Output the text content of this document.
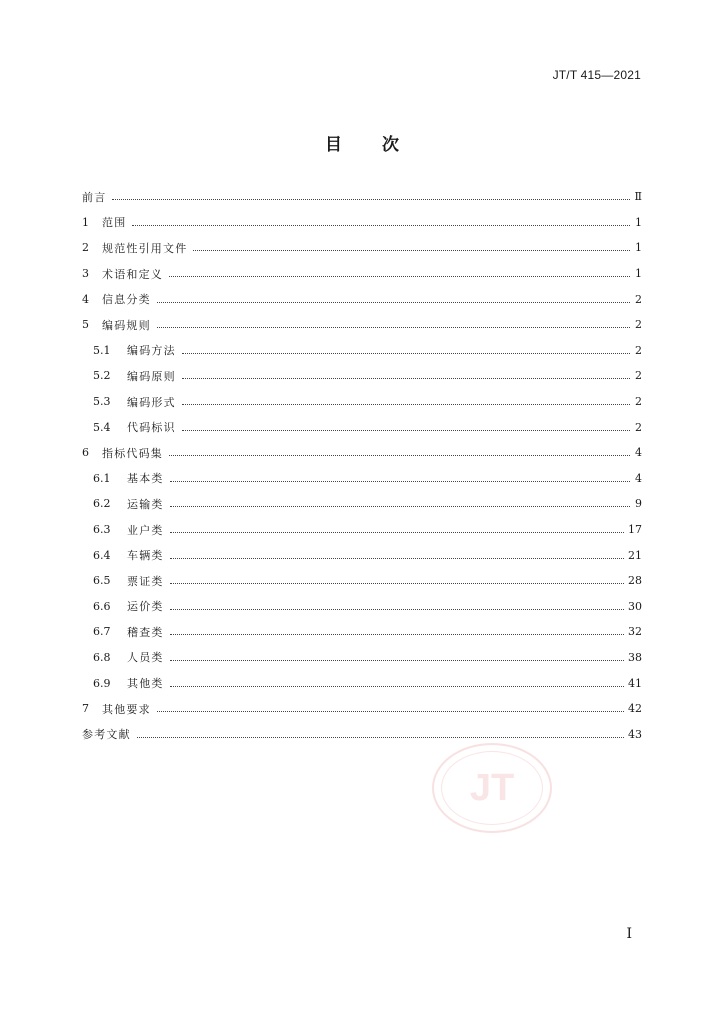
JT/T 415—2021
目 次
前言	Ⅱ
1	范围	1
2	规范性引用文件	1
3	术语和定义	1
4	信息分类	2
5	编码规则	2
5.1	编码方法	2
5.2	编码原则	2
5.3	编码形式	2
5.4	代码标识	2
6	指标代码集	4
6.1	基本类	4
6.2	运输类	9
6.3	业户类	17
6.4	车辆类	21
6.5	票证类	28
6.6	运价类	30
6.7	稽查类	32
6.8	人员类	38
6.9	其他类	41
7	其他要求	42
参考文献	43
JT
I
